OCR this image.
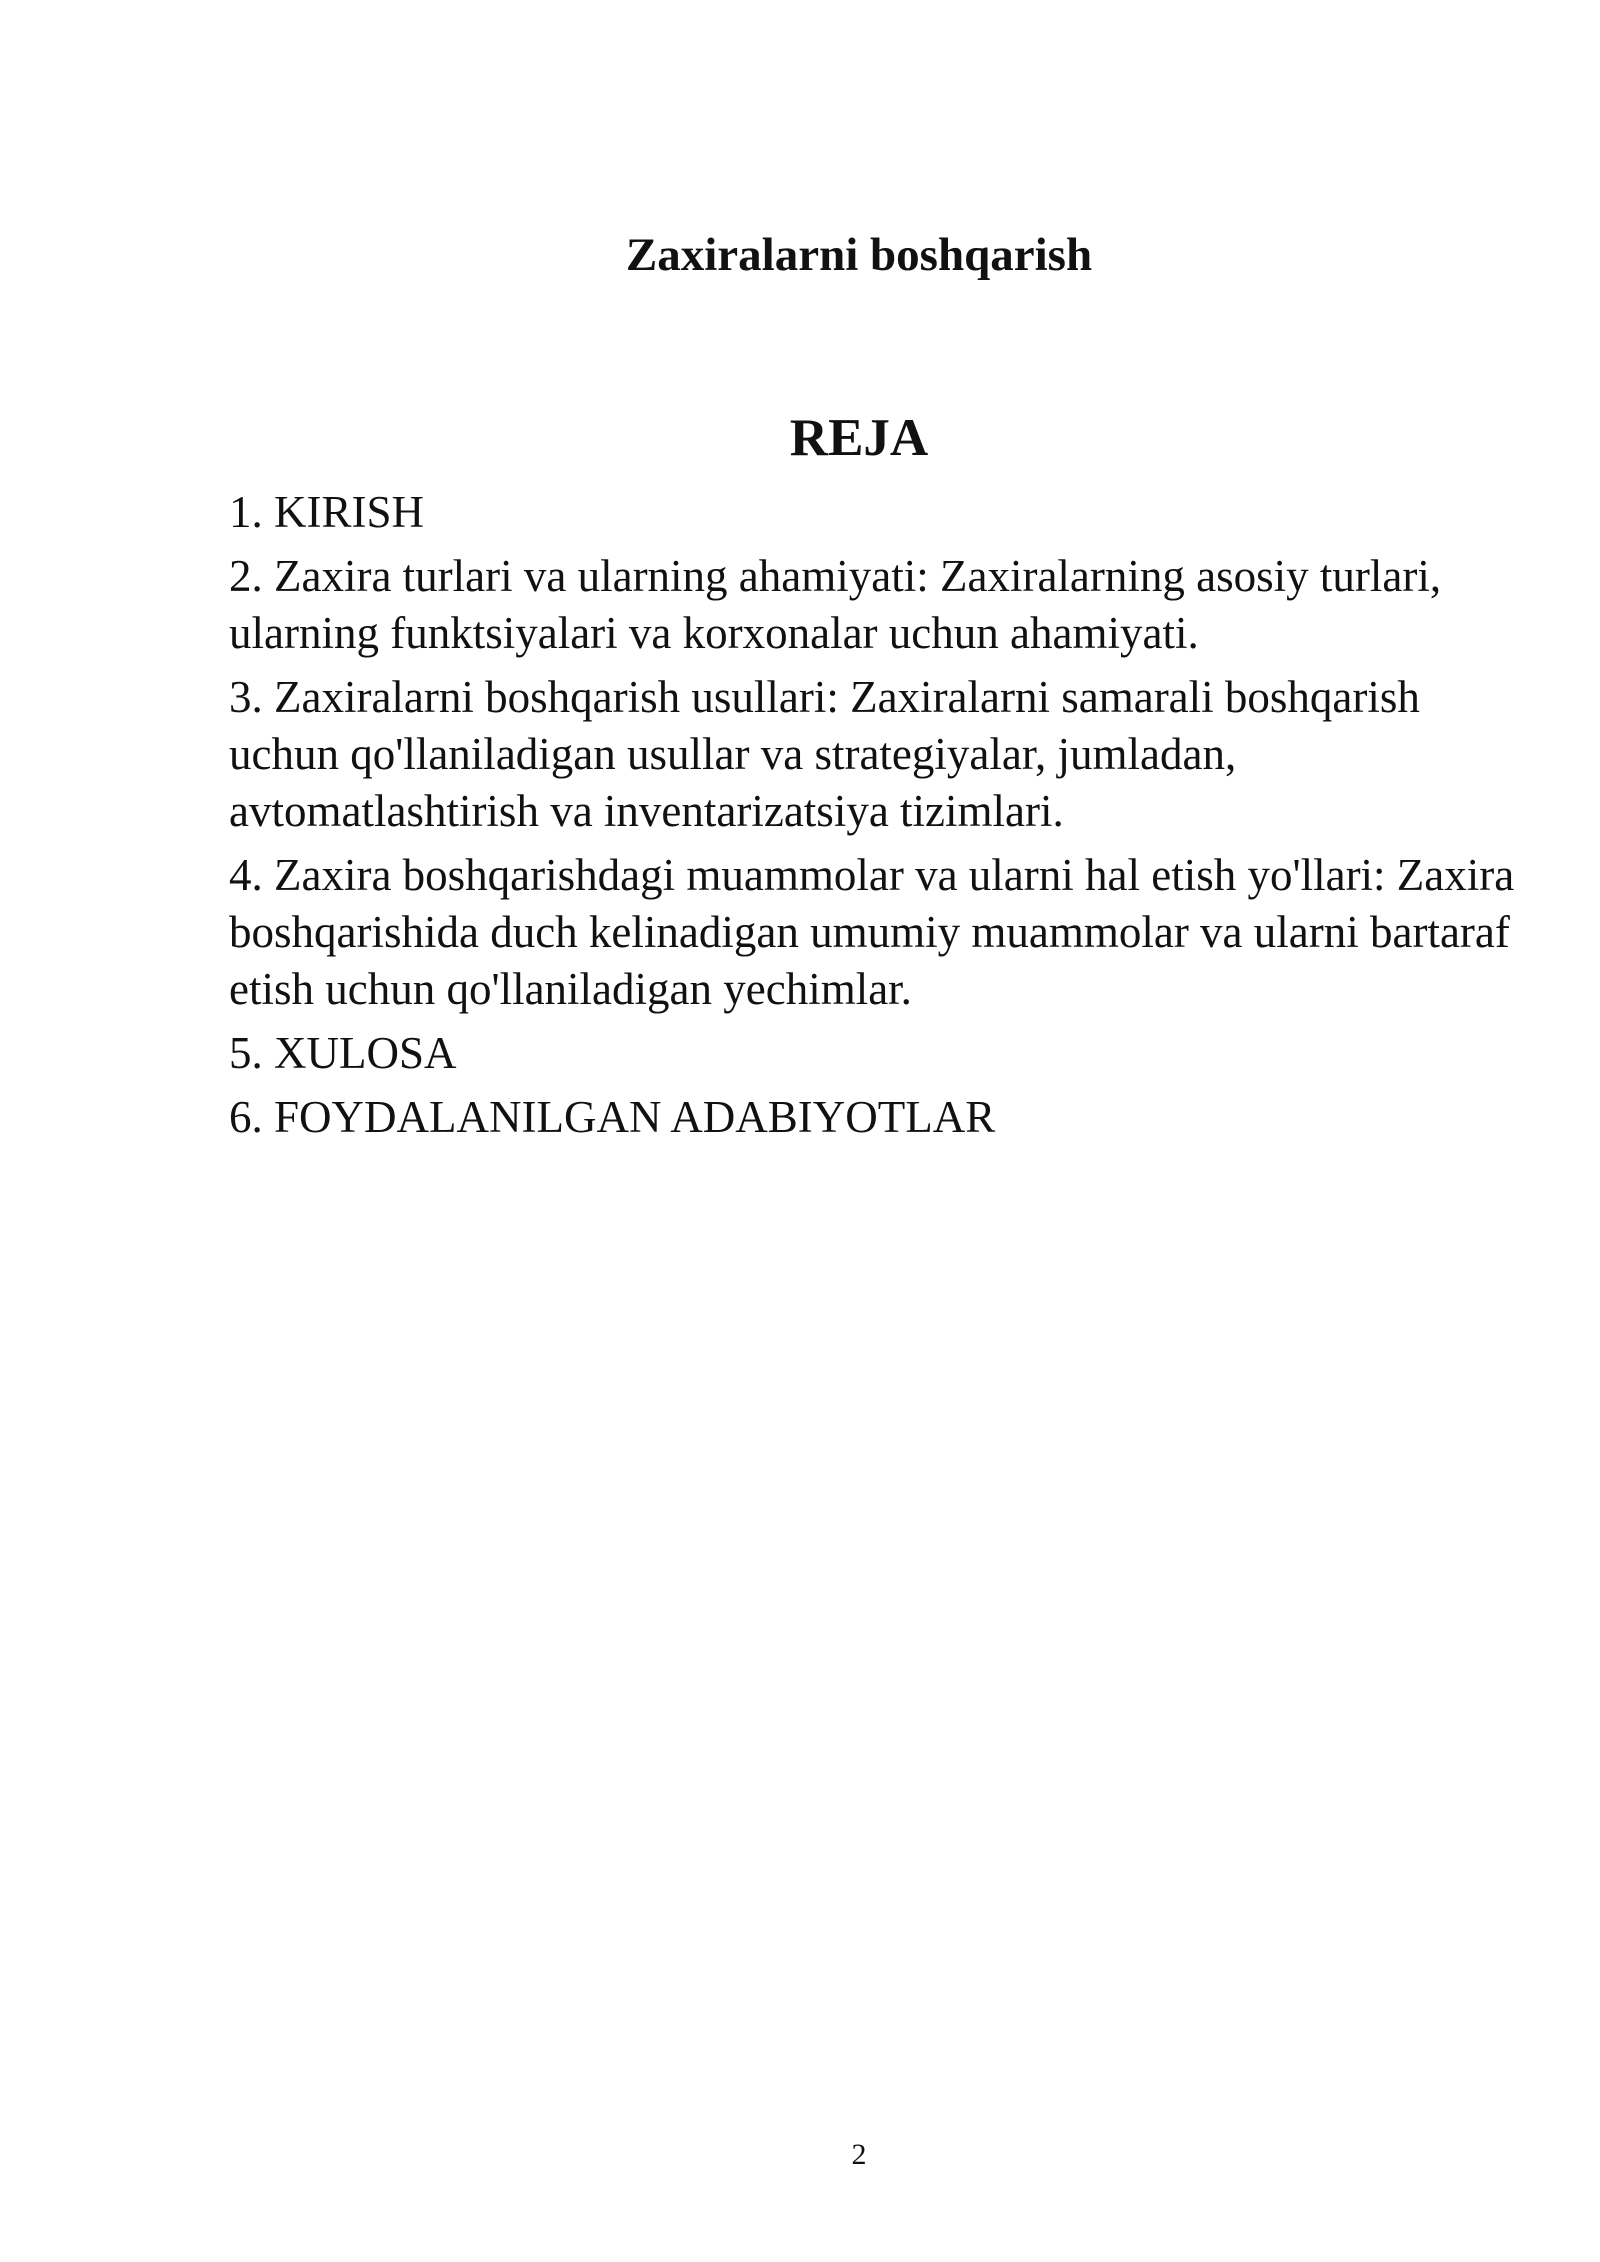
Zaxiralarni boshqarish
REJA
1. KIRISH
2. Zaxira turlari va ularning ahamiyati: Zaxiralarning asosiy turlari, ularning funktsiyalari va korxonalar uchun ahamiyati.
3. Zaxiralarni boshqarish usullari: Zaxiralarni samarali boshqarish uchun qo'llaniladigan usullar va strategiyalar, jumladan, avtomatlashtirish va inventarizatsiya tizimlari.
4. Zaxira boshqarishdagi muammolar va ularni hal etish yo'llari: Zaxira boshqarishida duch kelinadigan umumiy muammolar va ularni bartaraf etish uchun qo'llaniladigan yechimlar.
5. XULOSA
6. FOYDALANILGAN ADABIYOTLAR
2
